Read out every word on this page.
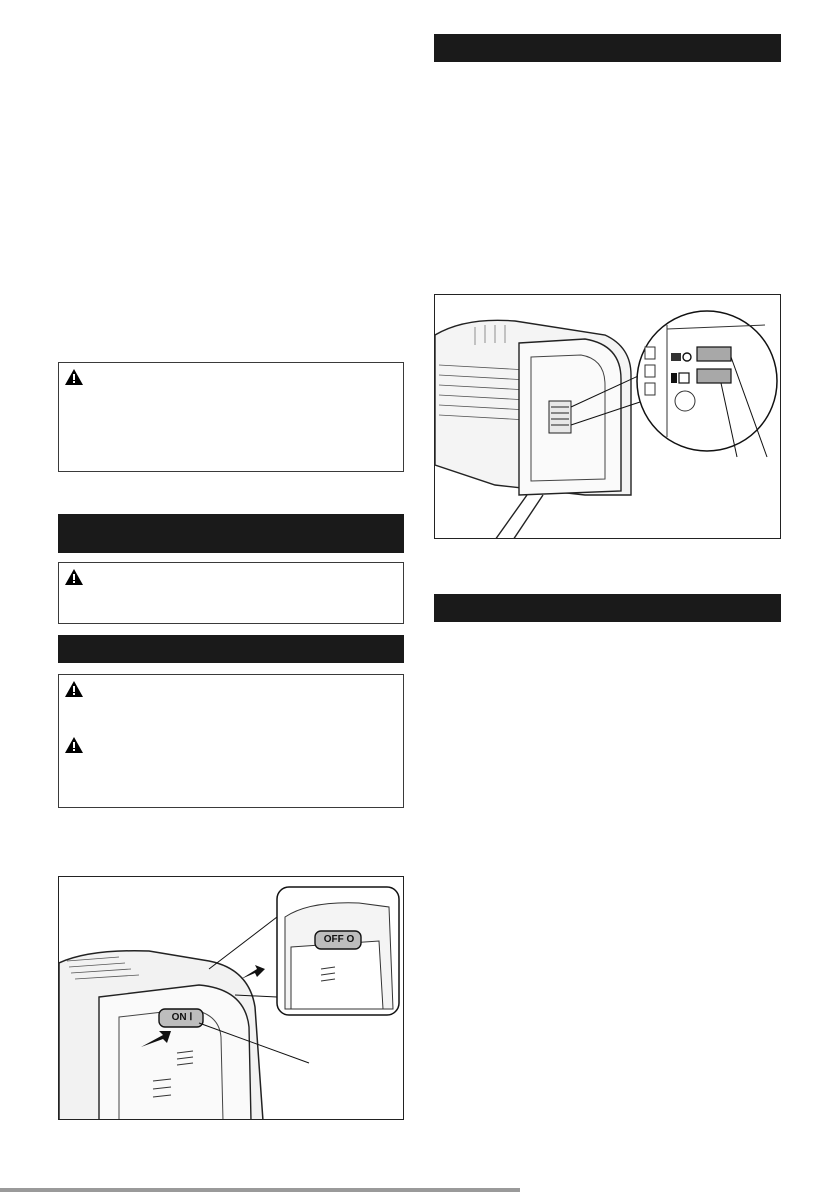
ON Ⅰ
OFF O
